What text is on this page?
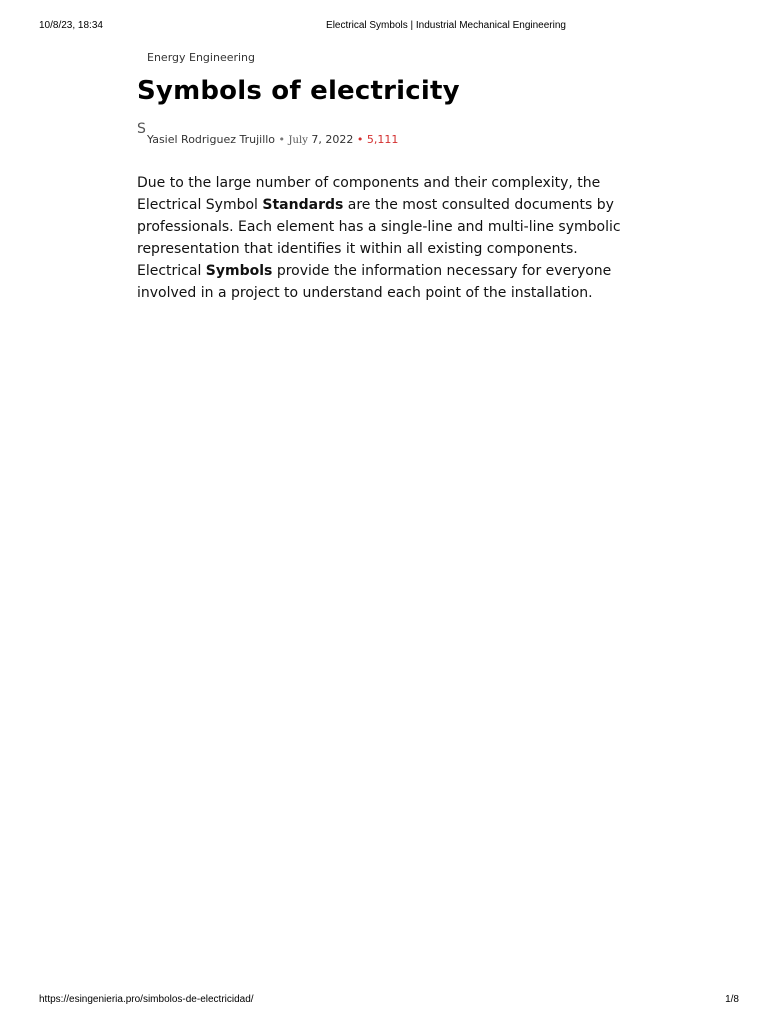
10/8/23, 18:34	Electrical Symbols | Industrial Mechanical Engineering
Energy Engineering
Symbols of electricity
S
Yasiel Rodriguez Trujillo • July 7, 2022 • 5,111

Due to the large number of components and their complexity, the Electrical Symbol Standards are the most consulted documents by professionals. Each element has a single-line and multi-line symbolic representation that identifies it within all existing components. Electrical Symbols provide the information necessary for everyone involved in a project to understand each point of the installation.

https://esingenieria.pro/simbolos-de-electricidad/	1/8
